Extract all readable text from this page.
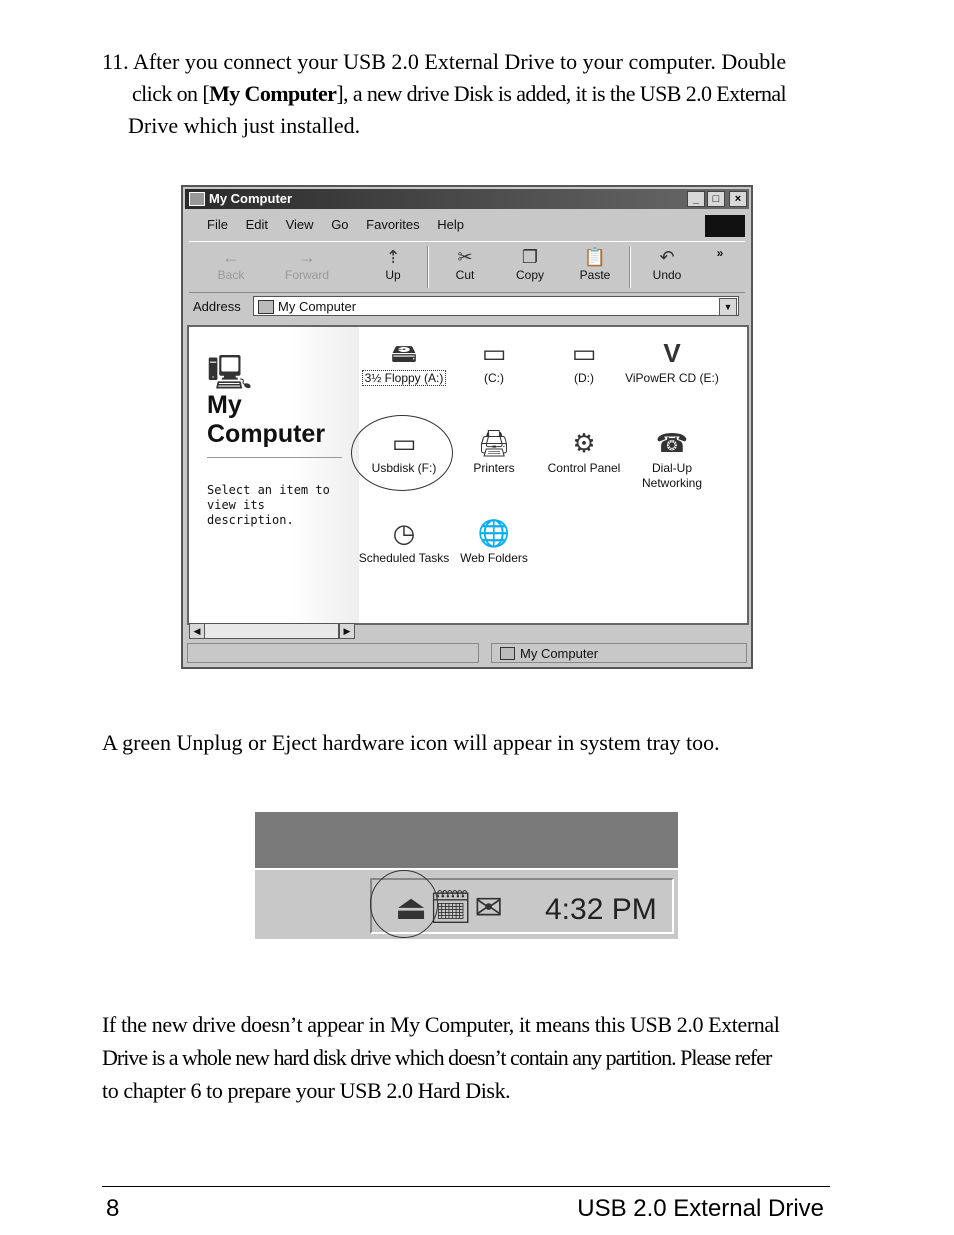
11. After you connect your USB 2.0 External Drive to your computer. Double
click on [My Computer], a new drive Disk is added, it is the USB 2.0 External
Drive which just installed.
My Computer	_	□	×
File Edit View Go Favorites Help
←
Back
→
Forward
⇡
Up
✂
Cut
❐
Copy
📋
Paste
↶
Undo
»
Address	My Computer	▼
🖳
My Computer
Select an item to view its description.
🖴
3½ Floppy (A:)
▭
(C:)
▭
(D:)
V
ViPowER CD (E:)
▭
Usbdisk (F:)
🖨
Printers
⚙
Control Panel
☎
Dial-Up Networking
◷
Scheduled Tasks
🌐
Web Folders
◀	▶
My Computer
A green Unplug or Eject hardware icon will appear in system tray too.
⏏🗓✉ 4:32 PM
If the new drive doesn’t appear in My Computer, it means this USB 2.0 External
Drive is a whole new hard disk drive which doesn’t contain any partition. Please refer
to chapter 6 to prepare your USB 2.0 Hard Disk.
8	USB 2.0 External Drive
